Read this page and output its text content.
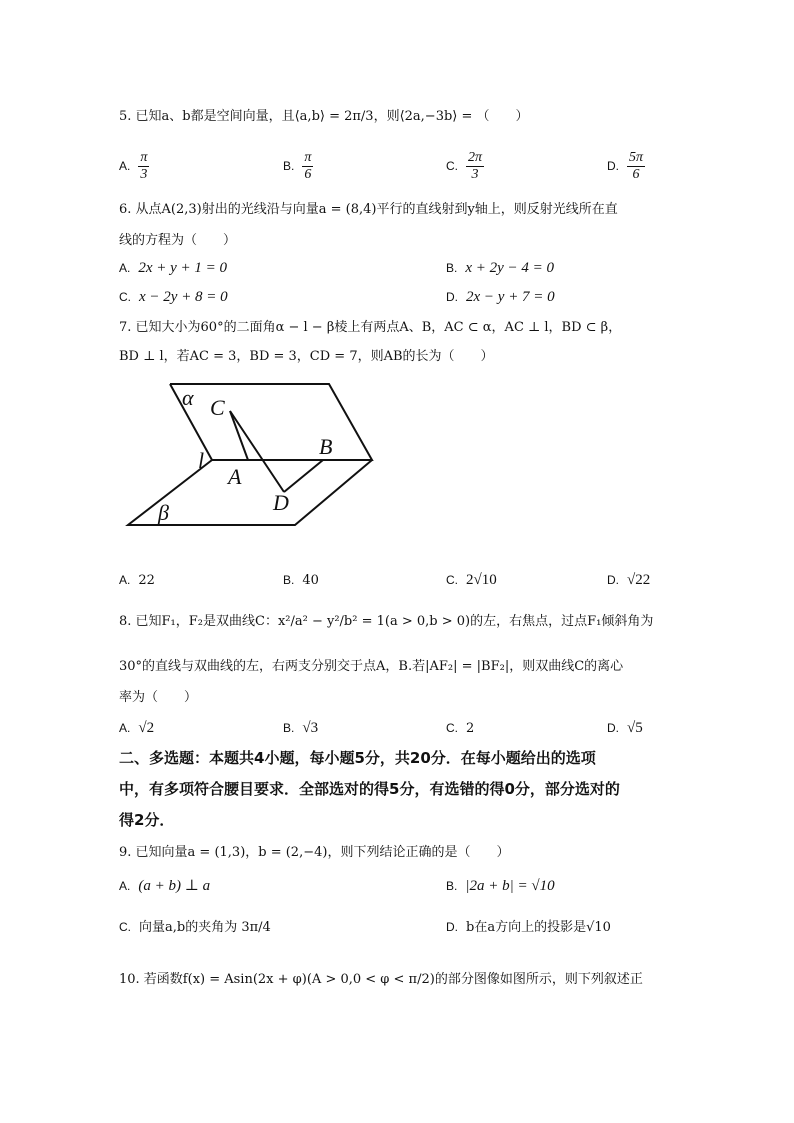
5. 已知a、b都是空间向量，且⟨a,b⟩ = 2π/3，则⟨2a,−3b⟩ = （　　）
A. $\frac{\pi}{3}$	B. $\frac{\pi}{6}$	C. $\frac{2\pi}{3}$	D. $\frac{5\pi}{6}$
6. 从点A(2,3)射出的光线沿与向量a = (8,4)平行的直线射到y轴上，则反射光线所在直
线的方程为（　　）
A. 2x + y + 1 = 0	B. x + 2y − 4 = 0
C. x − 2y + 8 = 0	D. 2x − y + 7 = 0
7. 已知大小为60°的二面角α − l − β棱上有两点A、B，AC ⊂ α，AC ⊥ l，BD ⊂ β，
BD ⊥ l，若AC = 3，BD = 3，CD = 7，则AB的长为（　　）
α C
B
l
A
D
β
A. 22	B. 40	C. 2√10	D. √22
8. 已知F₁，F₂是双曲线C：x²/a² − y²/b² = 1(a > 0,b > 0)的左，右焦点，过点F₁倾斜角为
30°的直线与双曲线的左，右两支分别交于点A，B.若|AF₂| = |BF₂|，则双曲线C的离心
率为（　　）
A. √2	B. √3	C. 2	D. √5
二、多选题：本题共4小题，每小题5分，共20分．在每小题给出的选项
中，有多项符合腰目要求．全部选对的得5分，有选错的得0分，部分选对的
得2分．
9. 已知向量a = (1,3)，b = (2,−4)，则下列结论正确的是（　　）
A. (a + b) ⊥ a	B. |2a + b| = √10
C. 向量a,b的夹角为 3π/4	D. b在a方向上的投影是√10
10. 若函数f(x) = Asin(2x + φ)(A > 0,0 < φ < π/2)的部分图像如图所示，则下列叙述正
